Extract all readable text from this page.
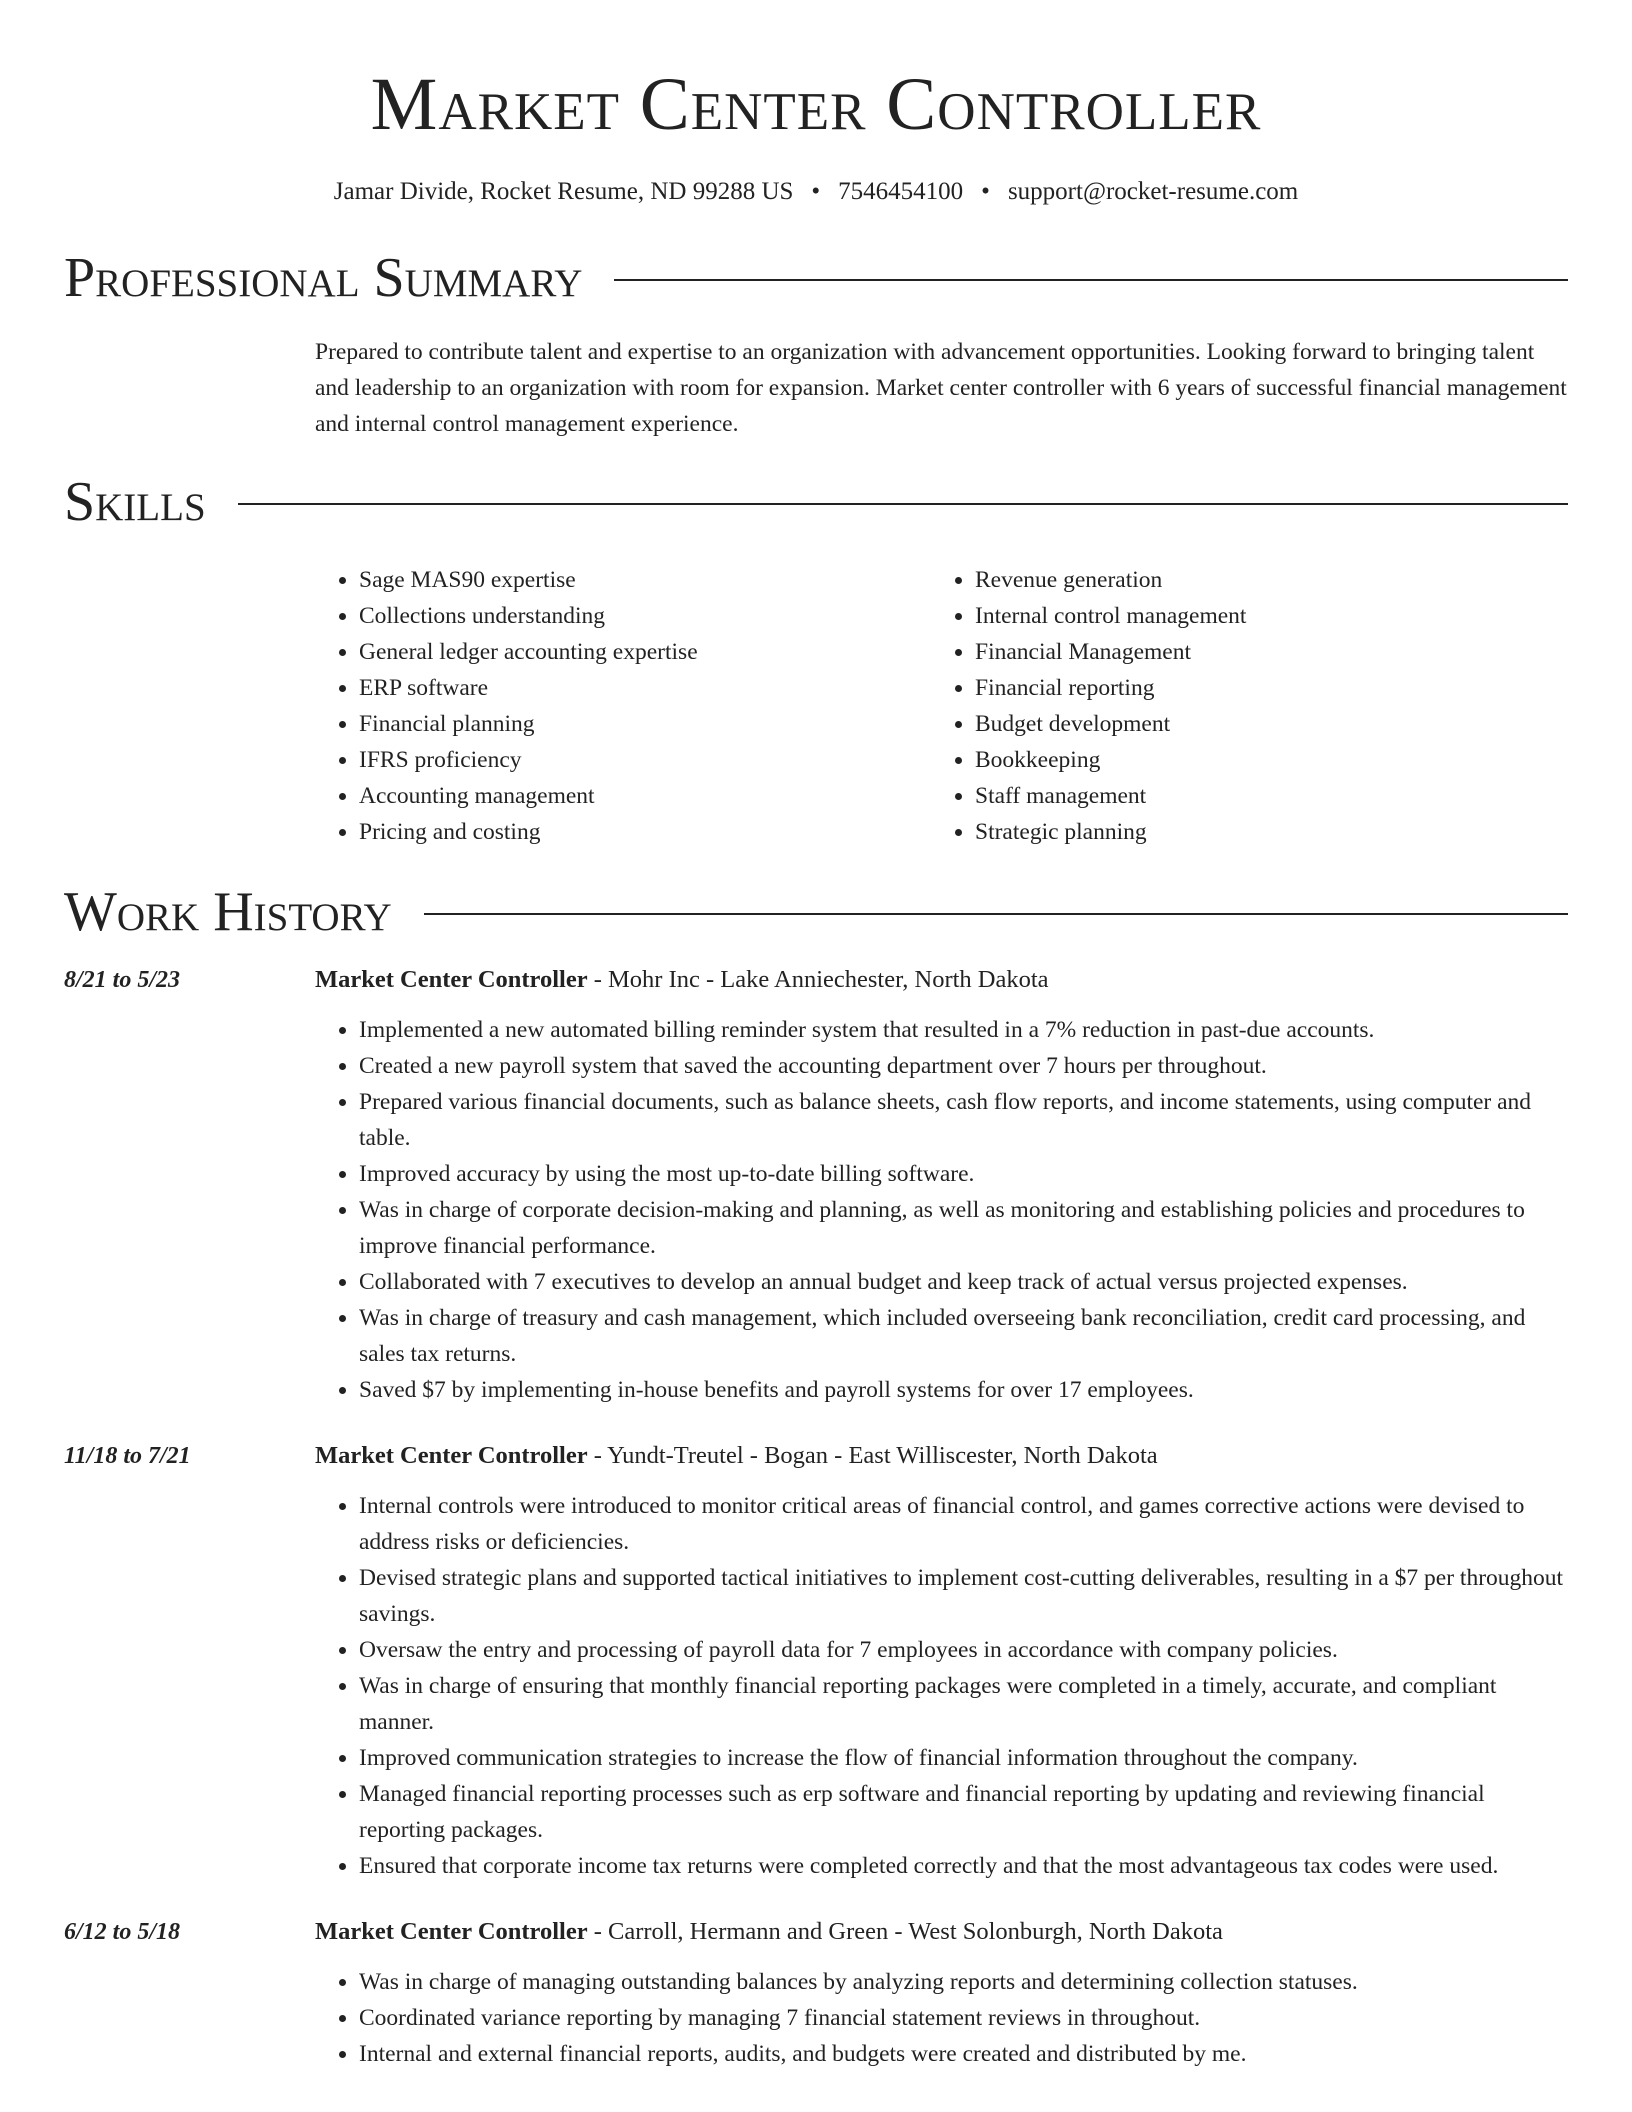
Market Center Controller
Jamar Divide, Rocket Resume, ND 99288 US • 7546454100 • support@rocket-resume.com
Professional Summary

Prepared to contribute talent and expertise to an organization with advancement opportunities. Looking forward to bringing talent and leadership to an organization with room for expansion. Market center controller with 6 years of successful financial management and internal control management experience.

Skills
• Sage MAS90 expertise
• Collections understanding
• General ledger accounting expertise
• ERP software
• Financial planning
• IFRS proficiency
• Accounting management
• Pricing and costing
• Revenue generation
• Internal control management
• Financial Management
• Financial reporting
• Budget development
• Bookkeeping
• Staff management
• Strategic planning
Work History
8/21 to 5/23	Market Center Controller - Mohr Inc - Lake Anniechester, North Dakota
• Implemented a new automated billing reminder system that resulted in a 7% reduction in past-due accounts.
• Created a new payroll system that saved the accounting department over 7 hours per throughout.
• Prepared various financial documents, such as balance sheets, cash flow reports, and income statements, using computer and table.
• Improved accuracy by using the most up-to-date billing software.
• Was in charge of corporate decision-making and planning, as well as monitoring and establishing policies and procedures to improve financial performance.
• Collaborated with 7 executives to develop an annual budget and keep track of actual versus projected expenses.
• Was in charge of treasury and cash management, which included overseeing bank reconciliation, credit card processing, and sales tax returns.
• Saved $7 by implementing in-house benefits and payroll systems for over 17 employees.
11/18 to 7/21	Market Center Controller - Yundt-Treutel - Bogan - East Williscester, North Dakota
• Internal controls were introduced to monitor critical areas of financial control, and games corrective actions were devised to address risks or deficiencies.
• Devised strategic plans and supported tactical initiatives to implement cost-cutting deliverables, resulting in a $7 per throughout savings.
• Oversaw the entry and processing of payroll data for 7 employees in accordance with company policies.
• Was in charge of ensuring that monthly financial reporting packages were completed in a timely, accurate, and compliant manner.
• Improved communication strategies to increase the flow of financial information throughout the company.
• Managed financial reporting processes such as erp software and financial reporting by updating and reviewing financial reporting packages.
• Ensured that corporate income tax returns were completed correctly and that the most advantageous tax codes were used.
6/12 to 5/18	Market Center Controller - Carroll, Hermann and Green - West Solonburgh, North Dakota
• Was in charge of managing outstanding balances by analyzing reports and determining collection statuses.
• Coordinated variance reporting by managing 7 financial statement reviews in throughout.
• Internal and external financial reports, audits, and budgets were created and distributed by me.
